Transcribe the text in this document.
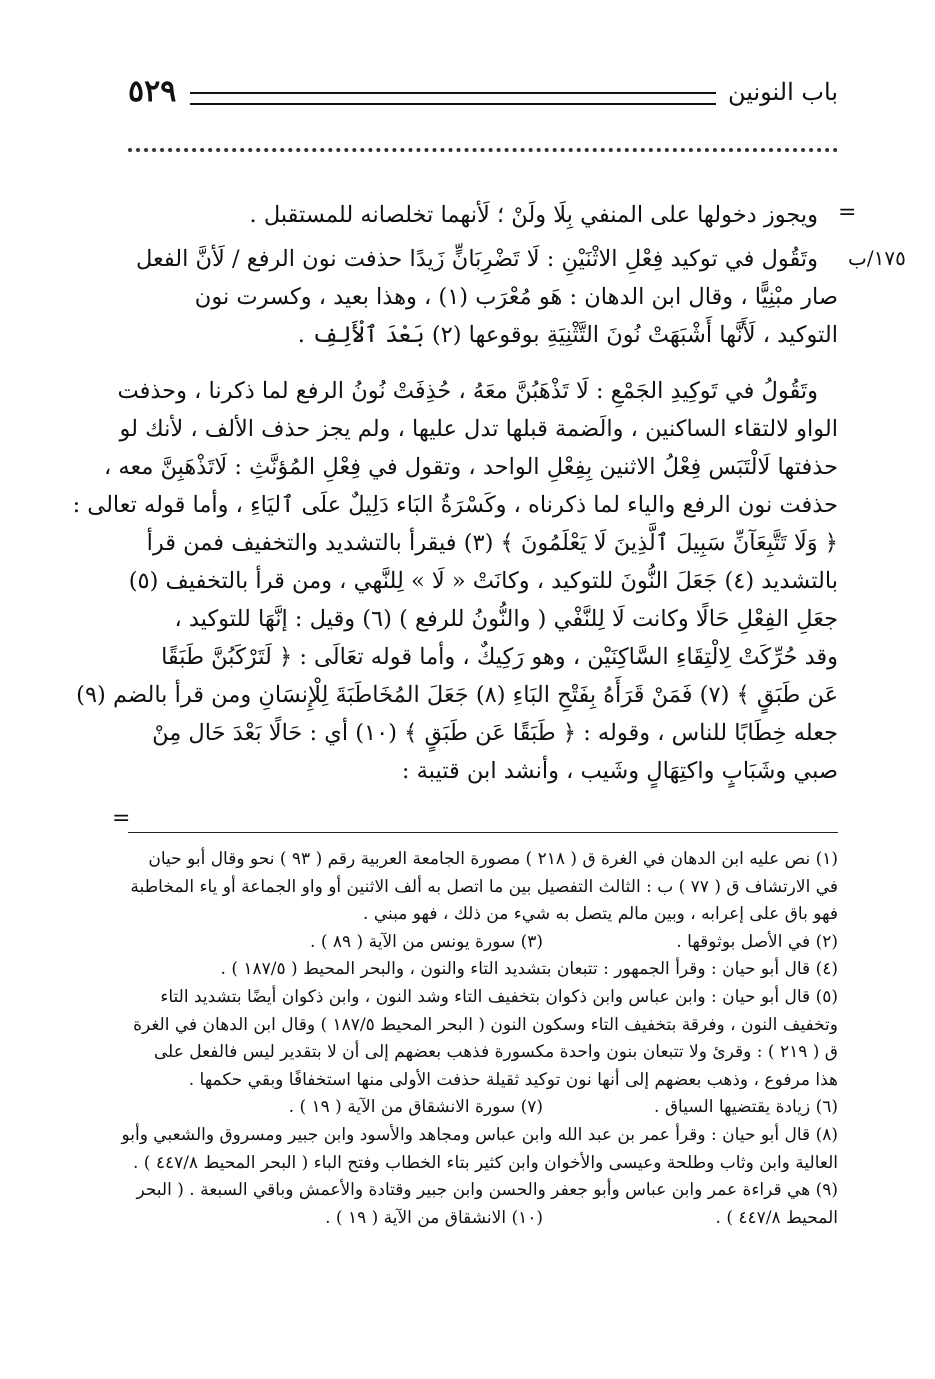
باب النونين
٥٢٩
=
١٧٥/ب
=
ويجوز دخولها على المنفي بِلَا ولَنْ ؛ لَأنهما تخلصانه للمستقبل .
وتَقُول في توكيد فِعْلِ الاثْنَيْنِ : لَا تَضْرِبَانٍّ زَيدًا حذفت نون الرفع / لَأنَّ الفعل
صار مبْنِيًّا ، وقال ابن الدهان : هَو مُعْرَب (١) ، وهذا بعيد ، وكسرت نون
التوكيد ، لَأَنَّها أَشْبَهَتْ نُونَ التَّثْنِيَةِ بوقوعها (٢) بَعْدَ ٱلْأَلِفِ .
وتَقُولُ في تَوكِيدِ الجَمْعِ : لَا تَذْهَبُنَّ معَهُ ، حُذِفَتْ نُونُ الرفع لما ذكرنا ، وحذفت
الواو لالتقاء الساكنين ، والَضمة قبلها تدل عليها ، ولم يجز حذف الألف ، لأنك لو
حذفتها لَالْتَبَس فِعْلُ الاثنين بِفِعْلِ الواحد ، وتقول في فِعْلِ المُؤنَّثِ : لَاتَذْهَبِنَّ معه ،
حذفت نون الرفع والياء لما ذكرناه ، وكَسْرَةُ البَاء دَلِيلٌ علَى ٱليَاءِ ، وأما قوله تعالى :
﴿ وَلَا تَتَّبِعَآنِّ سَبِيلَ ٱلَّذِينَ لَا يَعْلَمُونَ ﴾ (٣) فيقرأ بالتشديد والتخفيف فمن قرأ
بالتشديد (٤) جَعَلَ النُّونَ للتوكيد ، وكانَتْ « لَا » لِلنَّهي ، ومن قرأ بالتخفيف (٥)
جعَلِ الفِعْلِ حَالًا وكانت لَا لِلنَّفْي ( والنُّونُ للرفع ) (٦) وقيل : إنَّهَا للتوكيد ،
وقد حُرِّكَتْ لِالْتِقَاءِ السَّاكِنَيْن ، وهو رَكِيكٌ ، وأما قوله تعَالَى : ﴿ لَتَرْكَبُنَّ طَبَقًا
عَن طَبَقٍ ﴾ (٧) فَمَنْ قَرَأَهُ بِفَتْحِ البَاءِ (٨) جَعَلَ المُخَاطَبَةَ لِلْإِنسَانِ ومن قرأ بالضم (٩)
جعله خِطَابًا للناس ، وقوله : ﴿ طَبَقًا عَن طَبَقٍ ﴾ (١٠) أي : حَالًا بَعْدَ حَال مِنْ
صبي وشَبَابٍ واكتِهَالٍ وشَيب ، وأنشد ابن قتيبة :
(١) نص عليه ابن الدهان في الغرة ق ( ٢١٨ ) مصورة الجامعة العربية رقم ( ٩٣ ) نحو وقال أبو حيان
في الارتشاف ق ( ٧٧ ) ب : الثالث التفصيل بين ما اتصل به ألف الاثنين أو واو الجماعة أو ياء المخاطبة
فهو باق على إعرابه ، وبين مالم يتصل به شيء من ذلك ، فهو مبني .
(٢) في الأصل بوثوقها .
(٣) سورة يونس من الآية ( ٨٩ ) .
(٤) قال أبو حيان : وقرأ الجمهور : تتبعان بتشديد التاء والنون ، والبحر المحيط ( ١٨٧/٥ ) .
(٥) قال أبو حيان : وابن عباس وابن ذكوان بتخفيف التاء وشد النون ، وابن ذكوان أيضًا بتشديد التاء
وتخفيف النون ، وفرقة بتخفيف التاء وسكون النون ( البحر المحيط ١٨٧/٥ ) وقال ابن الدهان في الغرة
ق ( ٢١٩ ) : وقرئ ولا تتبعان بنون واحدة مكسورة فذهب بعضهم إلى أن لا بتقدير ليس فالفعل على
هذا مرفوع ، وذهب بعضهم إلى أنها نون توكيد ثقيلة حذفت الأولى منها استخفافًا وبقي حكمها .
(٦) زيادة يقتضيها السياق .
(٧) سورة الانشقاق من الآية ( ١٩ ) .
(٨) قال أبو حيان : وقرأ عمر بن عبد الله وابن عباس ومجاهد والأسود وابن جبير ومسروق والشعبي وأبو
العالية وابن وثاب وطلحة وعيسى والأخوان وابن كثير بتاء الخطاب وفتح الباء ( البحر المحيط ٤٤٧/٨ ) .
(٩) هي قراءة عمر وابن عباس وأبو جعفر والحسن وابن جبير وقتادة والأعمش وباقي السبعة . ( البحر
المحيط ٤٤٧/٨ ) .
(١٠) الانشقاق من الآية ( ١٩ ) .
